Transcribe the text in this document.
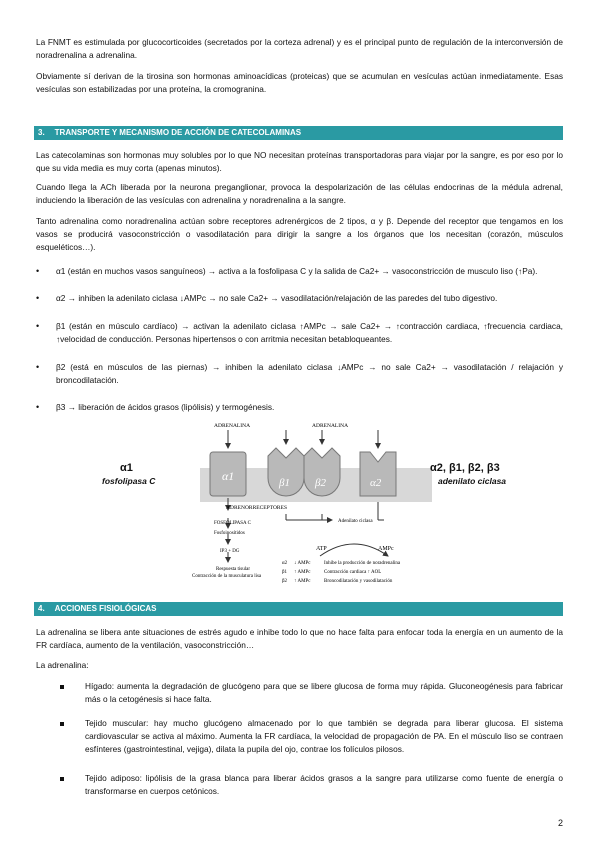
La FNMT es estimulada por glucocorticoides (secretados por la corteza adrenal) y es el principal punto de regulación de la interconversión de noradrenalina a adrenalina.

Obviamente sí derivan de la tirosina son hormonas aminoacídicas (proteicas) que se acumulan en vesículas actúan inmediatamente. Esas vesículas son estabilizadas por una proteína, la cromogranina.

3. TRANSPORTE Y MECANISMO DE ACCIÓN DE CATECOLAMINAS

Las catecolaminas son hormonas muy solubles por lo que NO necesitan proteínas transportadoras para viajar por la sangre, es por eso por lo que su vida media es muy corta (apenas minutos).

Cuando llega la ACh liberada por la neurona preganglionar, provoca la despolarización de las células endocrinas de la médula adrenal, induciendo la liberación de las vesículas con adrenalina y noradrenalina a la sangre.

Tanto adrenalina como noradrenalina actúan sobre receptores adrenérgicos de 2 tipos, α y β. Depende del receptor que tengamos en los vasos se producirá vasoconstricción o vasodilatación para dirigir la sangre a los órganos que los necesitan (corazón, músculos esqueléticos…).

• α1 (están en muchos vasos sanguíneos) → activa a la fosfolipasa C y la salida de Ca2+ → vasoconstricción de musculo liso (↑Pa).

• α2 → inhiben la adenilato ciclasa ↓AMPc → no sale Ca2+ → vasodilatación/relajación de las paredes del tubo digestivo.

• β1 (están en músculo cardíaco) → activan la adenilato ciclasa ↑AMPc → sale Ca2+ → ↑contracción cardiaca, ↑frecuencia cardiaca, ↑velocidad de conducción. Personas hipertensos o con arritmia necesitan betabloqueantes.

• β2 (está en músculos de las piernas) → inhiben la adenilato ciclasa ↓AMPc → no sale Ca2+ → vasodilatación / relajación y broncodilatación.

• β3 → liberación de ácidos grasos (lipólisis) y termogénesis.

α1	β1 β2	α2
ATP	AMPc
ADRENALINA	ADRENALINA
ADRENORRECEPTORES
FOSFOLIPASA C
Fosfoinosítidos
IP3 + DG
Respuesta tisular
Contracción de la musculatura lisa
Adenilato ciclasa
α2 ↓ AMPc	Inhibe la producción de noradrenalina
β1 ↑ AMPc	Contracción cardiaca ↑ AOL
β2 ↑ AMPc	Broncodilatación y vasodilatación
α1
fosfolipasa C
α2, β1, β2, β3
adenilato ciclasa
4. ACCIONES FISIOLÓGICAS

La adrenalina se libera ante situaciones de estrés agudo e inhibe todo lo que no hace falta para enfocar toda la energía en un aumento de la FR cardíaca, aumento de la ventilación, vasoconstricción…

La adrenalina:

Hígado: aumenta la degradación de glucógeno para que se libere glucosa de forma muy rápida. Gluconeogénesis para fabricar más o la cetogénesis si hace falta.

Tejido muscular: hay mucho glucógeno almacenado por lo que también se degrada para liberar glucosa. El sistema cardiovascular se activa al máximo. Aumenta la FR cardíaca, la velocidad de propagación de PA. En el músculo liso se contraen esfínteres (gastrointestinal, vejiga), dilata la pupila del ojo, contrae los folículos pilosos.

Tejido adiposo: lipólisis de la grasa blanca para liberar ácidos grasos a la sangre para utilizarse como fuente de energía o transformarse en cuerpos cetónicos.

2
